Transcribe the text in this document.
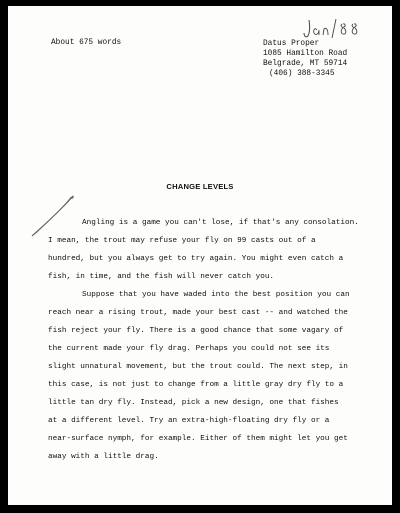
About 675 words	Datus Proper
1085 Hamilton Road
Belgrade, MT 59714
(406) 388-3345
CHANGE LEVELS
Angling is a game you can't lose, if that's any consolation.
I mean, the trout may refuse your fly on 99 casts out of a
hundred, but you always get to try again. You might even catch a
fish, in time, and the fish will never catch you.
Suppose that you have waded into the best position you can
reach near a rising trout, made your best cast -- and watched the
fish reject your fly. There is a good chance that some vagary of
the current made your fly drag. Perhaps you could not see its
slight unnatural movement, but the trout could. The next step, in
this case, is not just to change from a little gray dry fly to a
little tan dry fly. Instead, pick a new design, one that fishes
at a different level. Try an extra-high-floating dry fly or a
near-surface nymph, for example. Either of them might let you get
away with a little drag.
